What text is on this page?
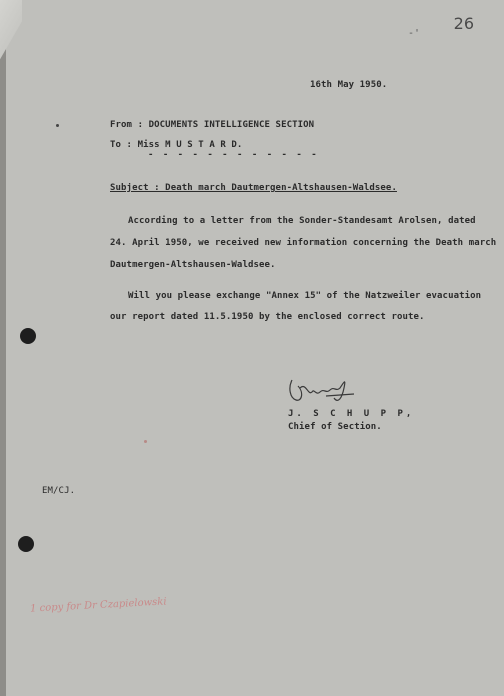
26
-'
16th May 1950.
From : DOCUMENTS INTELLIGENCE SECTION
To : Miss M U S T A R D.
- - - - - - - - - - - -
Subject : Death march Dautmergen-Altshausen-Waldsee.
According to a letter from the Sonder-Standesamt Arolsen, dated
24. April 1950, we received new information concerning the Death march
Dautmergen-Altshausen-Waldsee.
Will you please exchange "Annex 15" of the Natzweiler evacuation
our report dated 11.5.1950 by the enclosed correct route.
J. S C H U P P,
Chief of Section.
EM/CJ.
1 copy for Dr Czapielowski
